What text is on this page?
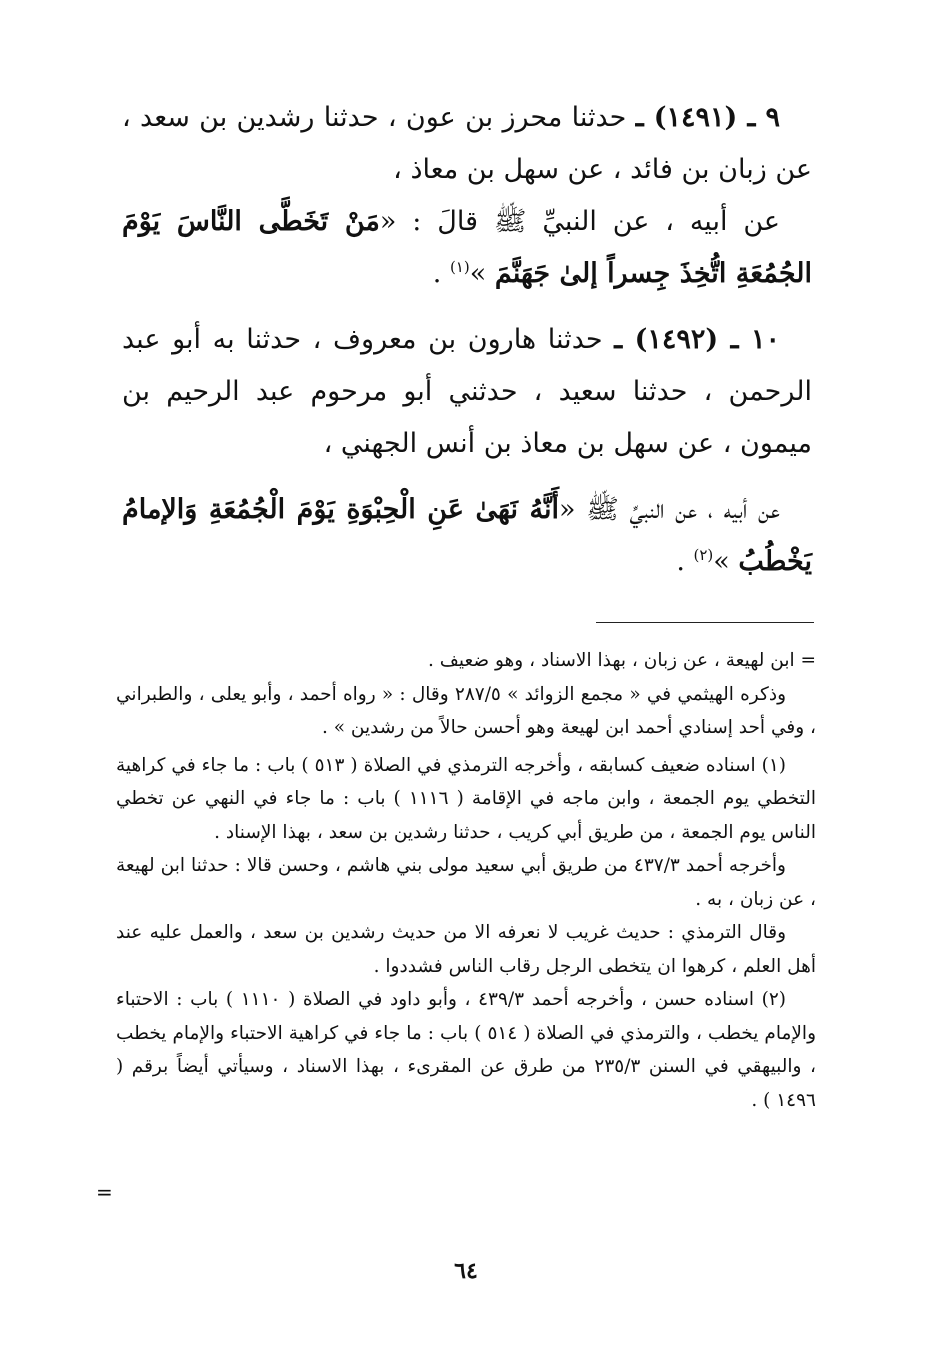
٩ ـ (١٤٩١) ـ حدثنا محرز بن عون ، حدثنا رشدين بن سعد ، عن زبان بن فائد ، عن سهل بن معاذ ،

عن أبيه ، عن النبيِّ ﷺ قالَ : «مَنْ تَخَطَّى النَّاسَ يَوْمَ الجُمُعَةِ اتُّخِذَ جِسراً إلىٰ جَهَنَّمَ »$^{(١)}$ .

١٠ ـ (١٤٩٢) ـ حدثنا هارون بن معروف ، حدثنا به أبو عبد الرحمن ، حدثنا سعيد ، حدثني أبو مرحوم عبد الرحيم بن ميمون ، عن سهل بن معاذ بن أنس الجهني ،

عن أبيه ، عن النبيِّ ﷺ «أَنَّهُ نَهَىٰ عَنِ الْحِبْوَةِ يَوْمَ الْجُمُعَةِ وَالإمامُ يَخْطُبُ »$^{(٢)}$ .

= ابن لهيعة ، عن زبان ، بهذا الاسناد ، وهو ضعيف .

وذكره الهيثمي في « مجمع الزوائد » ٢٨٧/٥ وقال : « رواه أحمد ، وأبو يعلى ، والطبراني ، وفي أحد إسنادي أحمد ابن لهيعة وهو أحسن حالاً من رشدين » .

(١) اسناده ضعيف كسابقه ، وأخرجه الترمذي في الصلاة ( ٥١٣ ) باب : ما جاء في كراهية التخطي يوم الجمعة ، وابن ماجه في الإقامة ( ١١١٦ ) باب : ما جاء في النهي عن تخطي الناس يوم الجمعة ، من طريق أبي كريب ، حدثنا رشدين بن سعد ، بهذا الإسناد .

وأخرجه أحمد ٤٣٧/٣ من طريق أبي سعيد مولى بني هاشم ، وحسن قالا : حدثنا ابن لهيعة ، عن زبان ، به .

وقال الترمذي : حديث غريب لا نعرفه الا من حديث رشدين بن سعد ، والعمل عليه عند أهل العلم ، كرهوا ان يتخطى الرجل رقاب الناس فشددوا .

(٢) اسناده حسن ، وأخرجه أحمد ٤٣٩/٣ ، وأبو داود في الصلاة ( ١١١٠ ) باب : الاحتباء والإمام يخطب ، والترمذي في الصلاة ( ٥١٤ ) باب : ما جاء في كراهية الاحتباء والإمام يخطب ، والبيهقي في السنن ٢٣٥/٣ من طرق عن المقرىء ، بهذا الاسناد ، وسيأتي أيضاً برقم ( ١٤٩٦ ) .

=
٦٤
